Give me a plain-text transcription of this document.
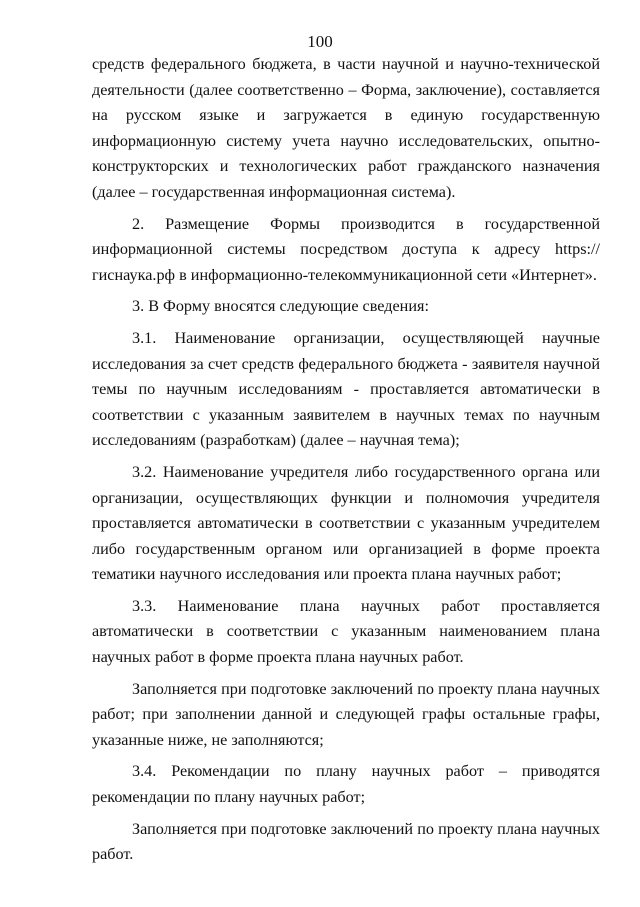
100

средств федерального бюджета, в части научной и научно-технической деятельности (далее соответственно – Форма, заключение), составляется на русском языке и загружается в единую государственную информационную систему учета научно исследовательских, опытно-конструкторских и технологических работ гражданского назначения (далее – государственная информационная система).

2. Размещение Формы производится в государственной информационной системы посредством доступа к адресу https://гиснаука.рф в информационно-телекоммуникационной сети «Интернет».

3. В Форму вносятся следующие сведения:

3.1. Наименование организации, осуществляющей научные исследования за счет средств федерального бюджета - заявителя научной темы по научным исследованиям - проставляется автоматически в соответствии с указанным заявителем в научных темах по научным исследованиям (разработкам) (далее – научная тема);

3.2. Наименование учредителя либо государственного органа или организации, осуществляющих функции и полномочия учредителя проставляется автоматически в соответствии с указанным учредителем либо государственным органом или организацией в форме проекта тематики научного исследования или проекта плана научных работ;

3.3. Наименование плана научных работ проставляется автоматически в соответствии с указанным наименованием плана научных работ в форме проекта плана научных работ.

Заполняется при подготовке заключений по проекту плана научных работ; при заполнении данной и следующей графы остальные графы, указанные ниже, не заполняются;

3.4. Рекомендации по плану научных работ – приводятся рекомендации по плану научных работ;

Заполняется при подготовке заключений по проекту плана научных работ.
